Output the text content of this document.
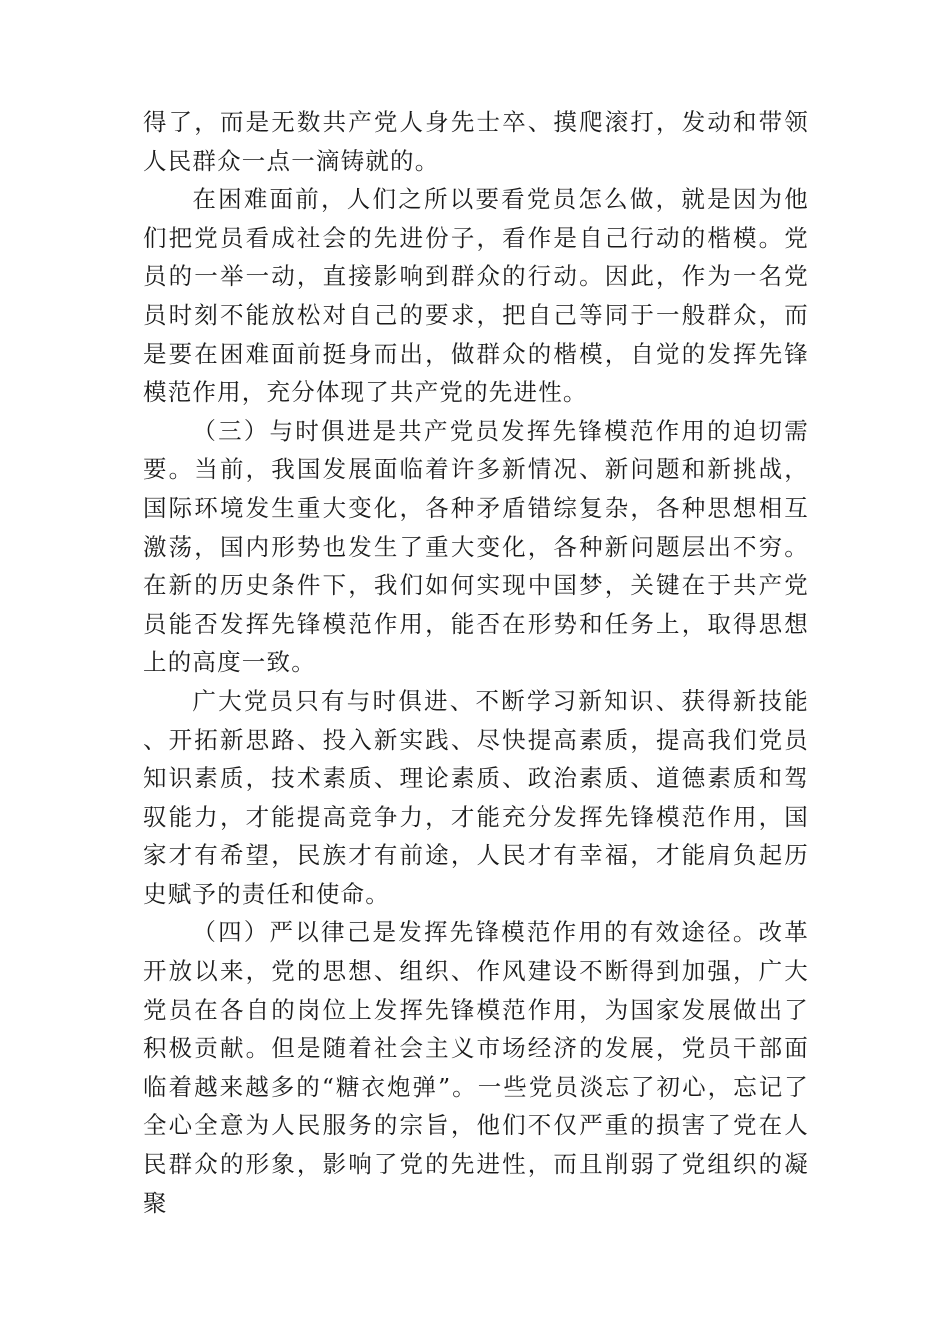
得了，而是无数共产党人身先士卒、摸爬滚打，发动和带领人民群众一点一滴铸就的。

在困难面前，人们之所以要看党员怎么做，就是因为他们把党员看成社会的先进份子，看作是自己行动的楷模。党员的一举一动，直接影响到群众的行动。因此，作为一名党员时刻不能放松对自己的要求，把自己等同于一般群众，而是要在困难面前挺身而出，做群众的楷模，自觉的发挥先锋模范作用，充分体现了共产党的先进性。

（三）与时俱进是共产党员发挥先锋模范作用的迫切需要。当前，我国发展面临着许多新情况、新问题和新挑战，国际环境发生重大变化，各种矛盾错综复杂，各种思想相互激荡，国内形势也发生了重大变化，各种新问题层出不穷。在新的历史条件下，我们如何实现中国梦，关键在于共产党员能否发挥先锋模范作用，能否在形势和任务上，取得思想上的高度一致。

广大党员只有与时俱进、不断学习新知识、获得新技能、开拓新思路、投入新实践、尽快提高素质，提高我们党员知识素质，技术素质、理论素质、政治素质、道德素质和驾驭能力，才能提高竞争力，才能充分发挥先锋模范作用，国家才有希望，民族才有前途，人民才有幸福，才能肩负起历史赋予的责任和使命。

（四）严以律己是发挥先锋模范作用的有效途径。改革开放以来，党的思想、组织、作风建设不断得到加强，广大党员在各自的岗位上发挥先锋模范作用，为国家发展做出了积极贡献。但是随着社会主义市场经济的发展，党员干部面临着越来越多的“糖衣炮弹”。一些党员淡忘了初心，忘记了全心全意为人民服务的宗旨，他们不仅严重的损害了党在人民群众的形象，影响了党的先进性，而且削弱了党组织的凝聚
